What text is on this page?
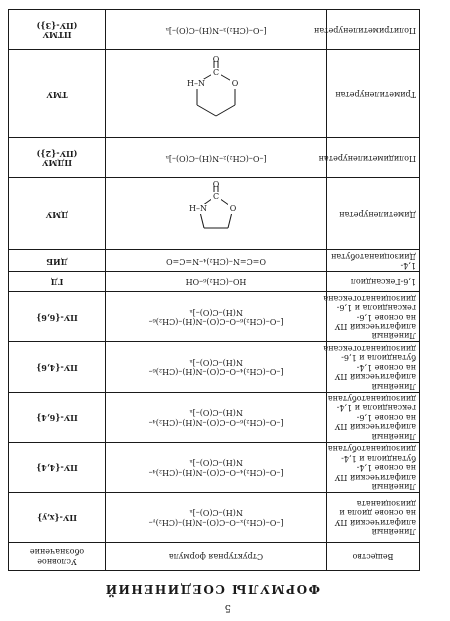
5
ФОРМУЛЫ СОЕДИНЕНИЙ
Вещество	Структурная формула	Условное обозначение
Линейный алифатический ПУ на основе диола и диизоцианата	[–O–(CH₂)ₓ–O–C(O)–N(H)–(CH₂)ᵧ–
N(H)–C(O)–]ₙ	ПУ-{x,y}
Линейный алифатический ПУ на основе 1,4-бутандиола и 1,4-диизоцианатобутана	[–O–(CH₂)₄–O–C(O)–N(H)–(CH₂)₄–
N(H)–C(O)–]ₙ	ПУ-{4,4}
Линейный алифатический ПУ на основе 1,6-гександиола и 1,4-диизоцианатобутана	[–O–(CH₂)₆–O–C(O)–N(H)–(CH₂)₄–
N(H)–C(O)–]ₙ	ПУ-{6,4}
Линейный алифатический ПУ на основе 1,4-бутандиола и 1,6-диизоцианатогексана	[–O–(CH₂)₄–O–C(O)–N(H)–(CH₂)₆–
N(H)–C(O)–]ₙ	ПУ-{4,6}
Линейный алифатический ПУ на основе 1,6-гександиола и 1,6-диизоцианатогексана	[–O–(CH₂)₆–O–C(O)–N(H)–(CH₂)₆–
N(H)–C(O)–]ₙ	ПУ-{6,6}
1,6-Гександиол	HO–(CH₂)₆–OH	ГД
1,4-Диизоцианатобутан	O=C=N–(CH₂)₄–N=C=O	ДИБ
Диметиленуретан	C
O
H–N O	ДМУ
Полидиметиленуретан	[–O–(CH₂)₂–N(H)–C(O)–]ₙ	ПДМУ
(ПУ-{2})

Триметиленуретан	C
O
H–N O	ТМУ
Политриметиленуретан	[–O–(CH₂)₃–N(H)–C(O)–]ₙ	ПТМУ
(ПУ-{3})
